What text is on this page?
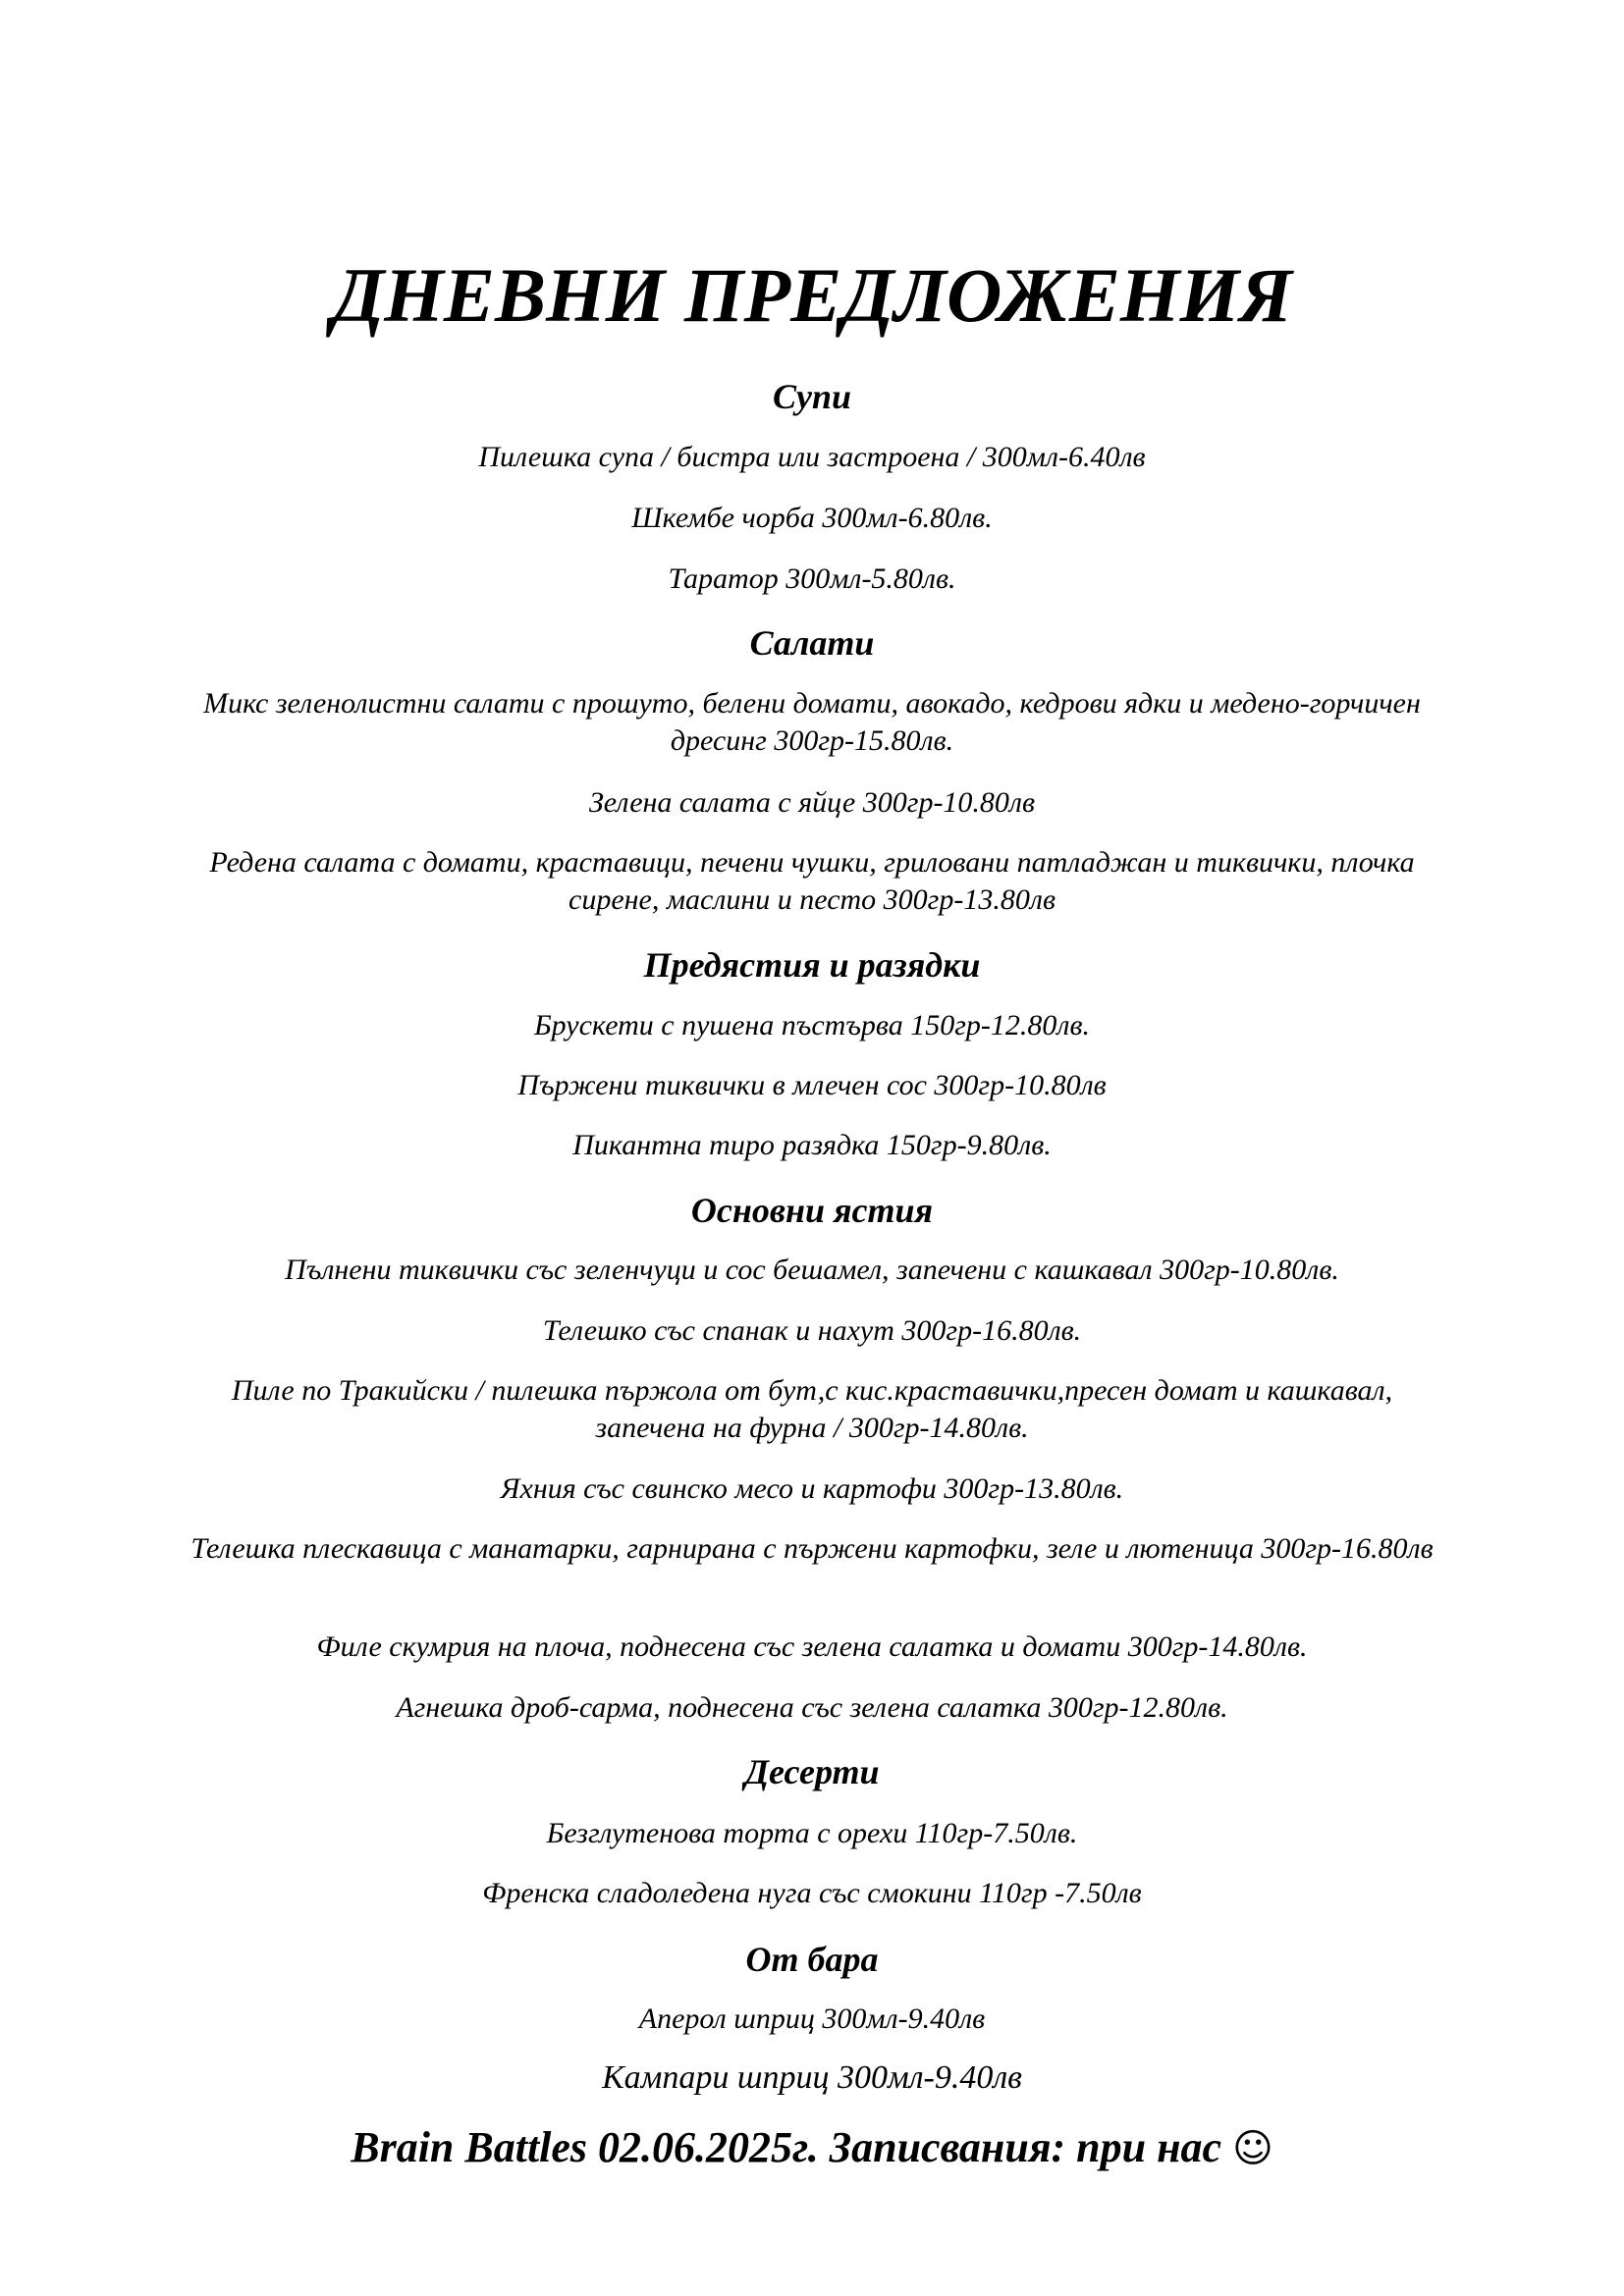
ДНЕВНИ ПРЕДЛОЖЕНИЯ
Супи
Пилешка супа / бистра или застроена / 300мл-6.40лв
Шкембе чорба 300мл-6.80лв.
Таратор 300мл-5.80лв.
Салати
Микс зеленолистни салати с прошуто, белени домати, авокадо, кедрови ядки и медено-горчичен дресинг 300гр-15.80лв.
Зелена салата с яйце 300гр-10.80лв
Редена салата с домати, краставици, печени чушки, гриловани патладжан и тиквички, плочка сирене, маслини и песто 300гр-13.80лв
Предястия и разядки
Брускети с пушена пъстърва 150гр-12.80лв.
Пържени тиквички в млечен сос 300гр-10.80лв
Пикантна тиро разядка 150гр-9.80лв.
Основни ястия
Пълнени тиквички със зеленчуци и сос бешамел, запечени с кашкавал 300гр-10.80лв.
Телешко със спанак и нахут 300гр-16.80лв.
Пиле по Тракийски / пилешка пържола от бут,с кис.краставички,пресен домат и кашкавал, запечена на фурна / 300гр-14.80лв.
Яхния със свинско месо и картофи 300гр-13.80лв.
Телешка плескавица с манатарки, гарнирана с пържени картофки, зеле и лютеница 300гр-16.80лв
Филе скумрия на плоча, поднесена със зелена салатка и домати 300гр-14.80лв.
Агнешка дроб-сарма, поднесена със зелена салатка 300гр-12.80лв.
Десерти
Безглутенова торта с орехи 110гр-7.50лв.
Френска сладоледена нуга със смокини 110гр -7.50лв
От бара
Аперол шприц 300мл-9.40лв
Кампари шприц 300мл-9.40лв
Brain Battles 02.06.2025г. Записвания: при нас ☺
